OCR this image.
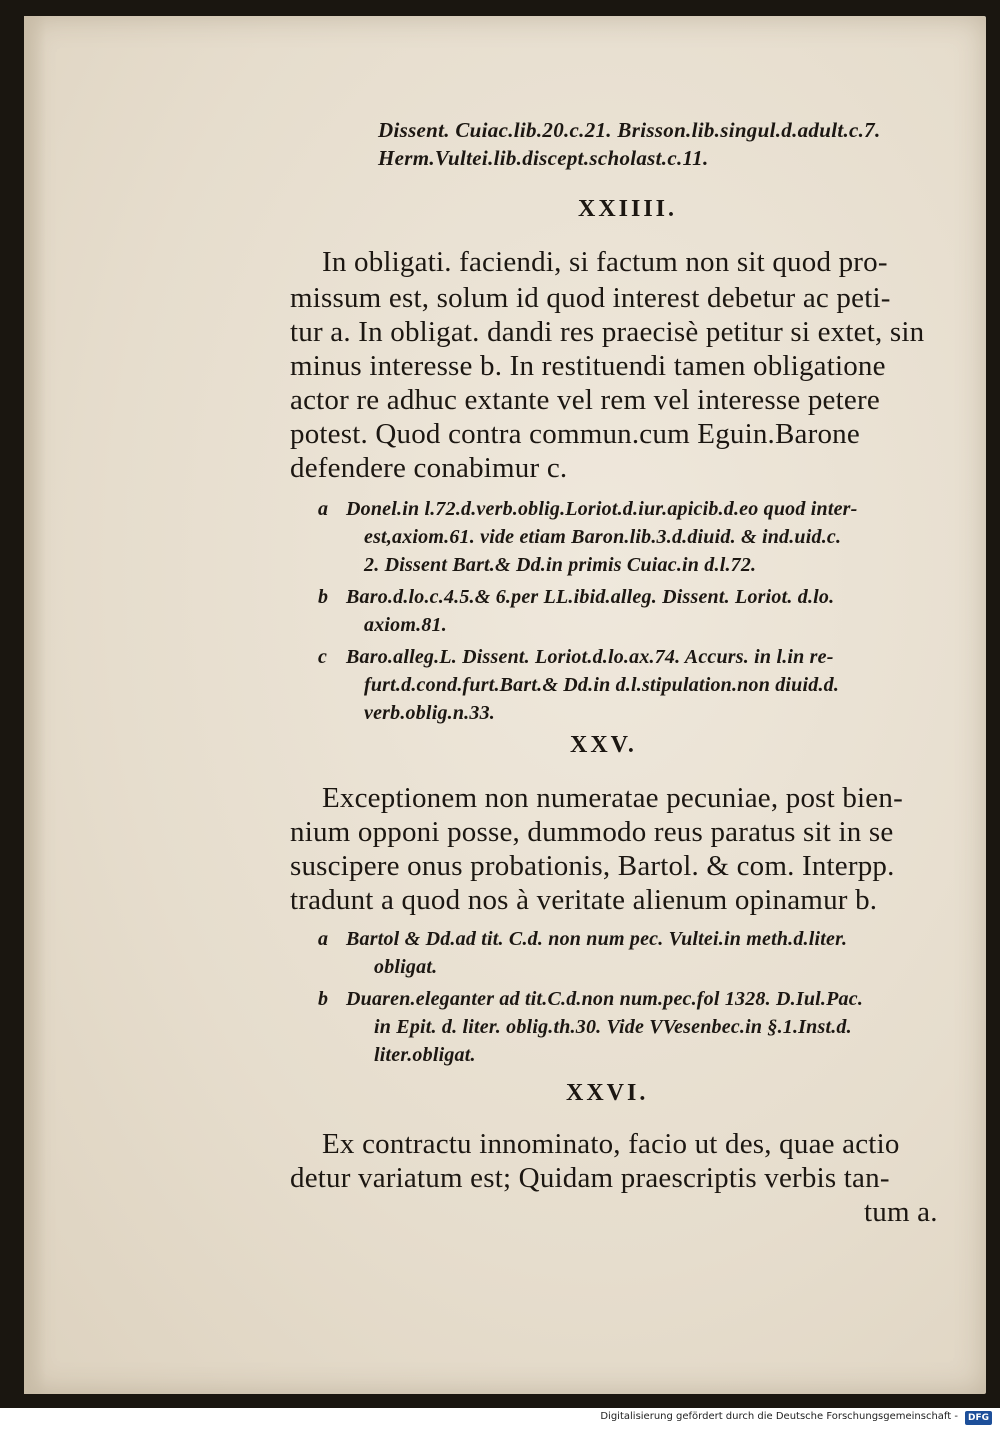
Dissent. Cuiac.lib.20.c.21. Brisson.lib.singul.d.adult.c.7.
Herm.Vultei.lib.discept.scholast.c.11.
XXIIII.
In obligati. faciendi, si factum non sit quod pro-
missum est, solum id quod interest debetur ac peti-
tur a. In obligat. dandi res praecisè petitur si extet, sin
minus interesse b. In restituendi tamen obligatione
actor re adhuc extante vel rem vel interesse petere
potest. Quod contra commun.cum Eguin.Barone
defendere conabimur c.
a Donel.in l.72.d.verb.oblig.Loriot.d.iur.apicib.d.eo quod inter-
est,axiom.61. vide etiam Baron.lib.3.d.diuid. & ind.uid.c.
2. Dissent Bart.& Dd.in primis Cuiac.in d.l.72.
b Baro.d.lo.c.4.5.& 6.per LL.ibid.alleg. Dissent. Loriot. d.lo.
axiom.81.
c Baro.alleg.L. Dissent. Loriot.d.lo.ax.74. Accurs. in l.in re-
furt.d.cond.furt.Bart.& Dd.in d.l.stipulation.non diuid.d.
verb.oblig.n.33.
XXV.
Exceptionem non numeratae pecuniae, post bien-
nium opponi posse, dummodo reus paratus sit in se
suscipere onus probationis, Bartol. & com. Interpp.
tradunt a quod nos à veritate alienum opinamur b.
a Bartol & Dd.ad tit. C.d. non num pec. Vultei.in meth.d.liter.
obligat.
b Duaren.eleganter ad tit.C.d.non num.pec.fol 1328. D.Iul.Pac.
in Epit. d. liter. oblig.th.30. Vide VVesenbec.in §.1.Inst.d.
liter.obligat.
XXVI.
Ex contractu innominato, facio ut des, quae actio
detur variatum est; Quidam praescriptis verbis tan-
tum a.
Digitalisierung gefördert durch die Deutsche Forschungsgemeinschaft -	DFG
